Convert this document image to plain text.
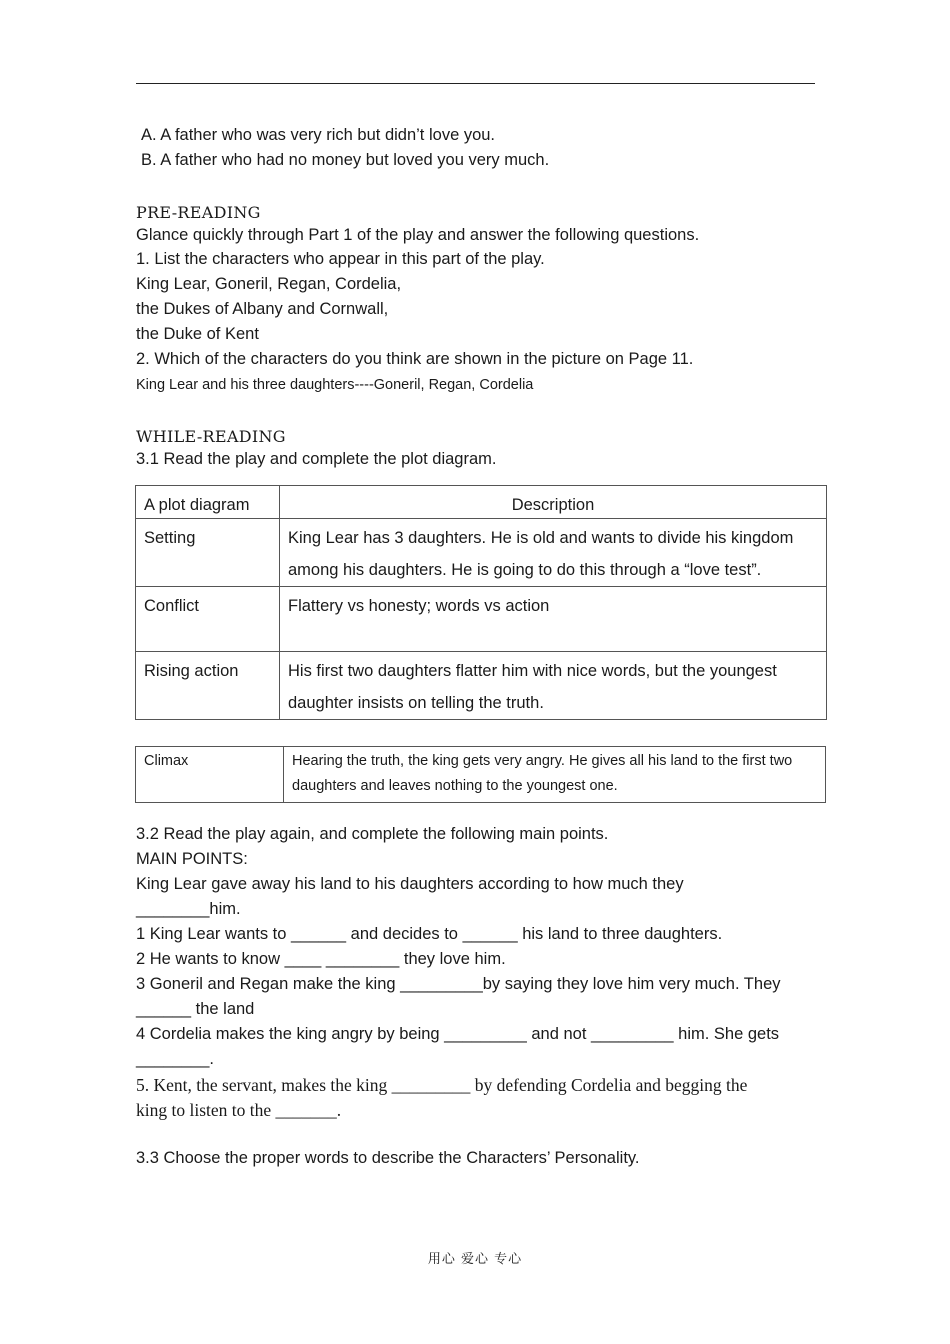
A. A father who was very rich but didn’t love you.
B. A father who had no money but loved you very much.
PRE-READING
Glance quickly through Part 1 of the play and answer the following questions.
1. List the characters who appear in this part of the play.
King Lear, Goneril, Regan, Cordelia,
the Dukes of Albany and Cornwall,
the Duke of Kent
2. Which of the characters do you think are shown in the picture on Page 11.
King Lear and his three daughters----Goneril, Regan, Cordelia
WHILE-READING
3.1 Read the play and complete the plot diagram.
A plot diagram	Description
Setting	King Lear has 3 daughters. He is old and wants to divide his kingdom among his daughters. He is going to do this through a “love test”.
Conflict	Flattery vs honesty; words vs action
Rising action	His first two daughters flatter him with nice words, but the youngest daughter insists on telling the truth.
Climax	Hearing the truth, the king gets very angry. He gives all his land to the first two daughters and leaves nothing to the youngest one.
3.2 Read the play again, and complete the following main points.
MAIN POINTS:
King Lear gave away his land to his daughters according to how much they
________him.
1 King Lear wants to ______ and decides to ______ his land to three daughters.
2 He wants to know ____ ________ they love him.
3 Goneril and Regan make the king _________by saying they love him very much. They
______ the land
4 Cordelia makes the king angry by being _________ and not _________ him. She gets
________.
5. Kent, the servant, makes the king _________ by defending Cordelia and begging the
king to listen to the _______.
3.3 Choose the proper words to describe the Characters’ Personality.
用心 爱心 专心
